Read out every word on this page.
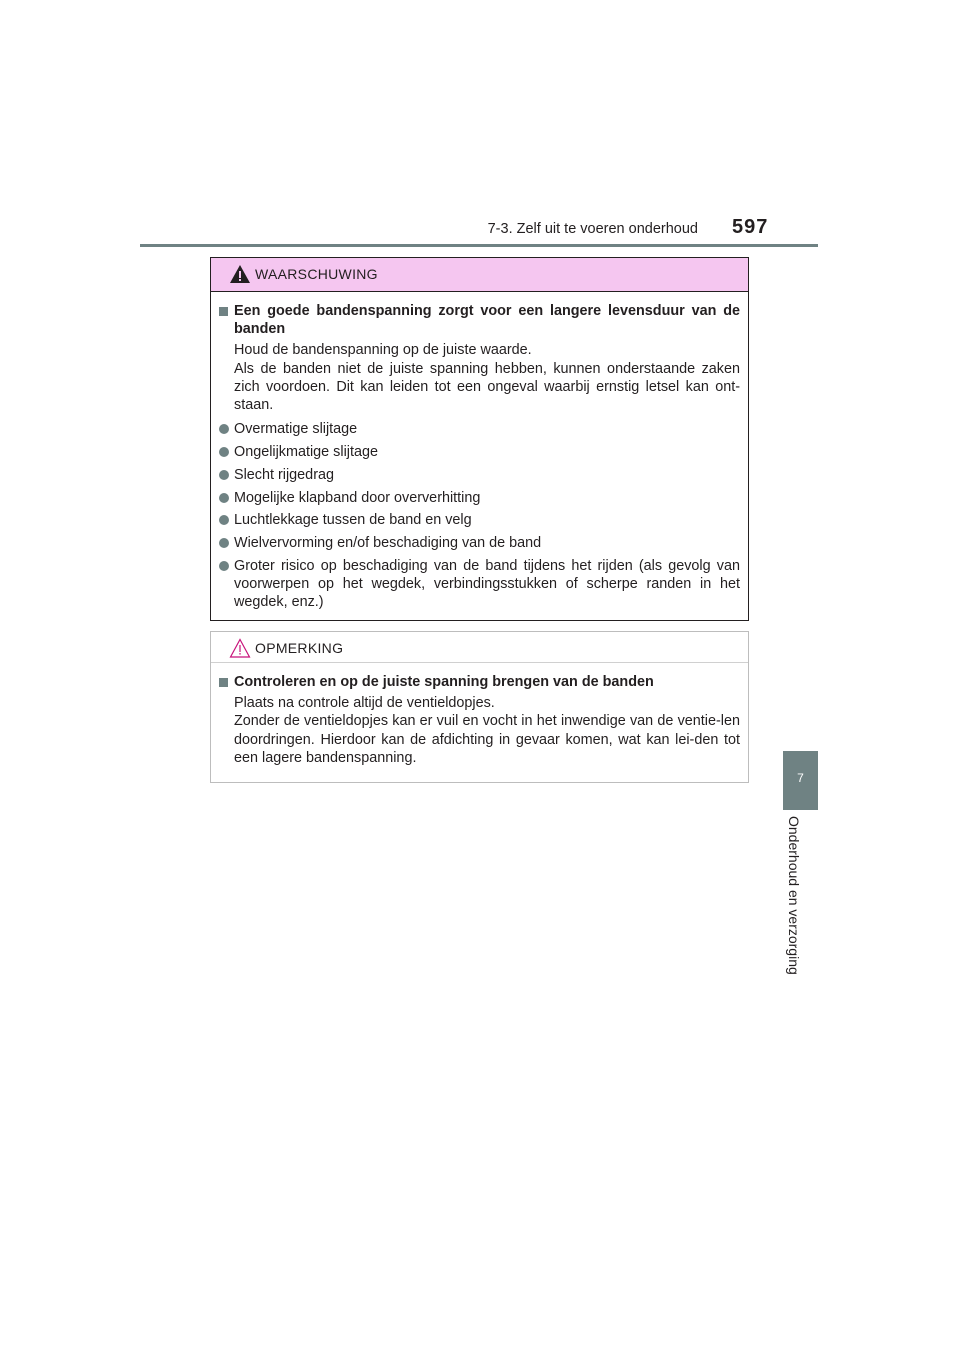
7-3. Zelf uit te voeren onderhoud 597
7
Onderhoud en verzorging
WAARSCHUWING
Een goede bandenspanning zorgt voor een langere levensduur van de banden
Houd de bandenspanning op de juiste waarde.
Als de banden niet de juiste spanning hebben, kunnen onderstaande zaken zich voordoen. Dit kan leiden tot een ongeval waarbij ernstig letsel kan ont-staan.
Overmatige slijtage
Ongelijkmatige slijtage
Slecht rijgedrag
Mogelijke klapband door oververhitting
Luchtlekkage tussen de band en velg
Wielvervorming en/of beschadiging van de band
Groter risico op beschadiging van de band tijdens het rijden (als gevolg van voorwerpen op het wegdek, verbindingsstukken of scherpe randen in het wegdek, enz.)
OPMERKING
Controleren en op de juiste spanning brengen van de banden
Plaats na controle altijd de ventieldopjes.
Zonder de ventieldopjes kan er vuil en vocht in het inwendige van de ventie-len doordringen. Hierdoor kan de afdichting in gevaar komen, wat kan lei-den tot een lagere bandenspanning.
